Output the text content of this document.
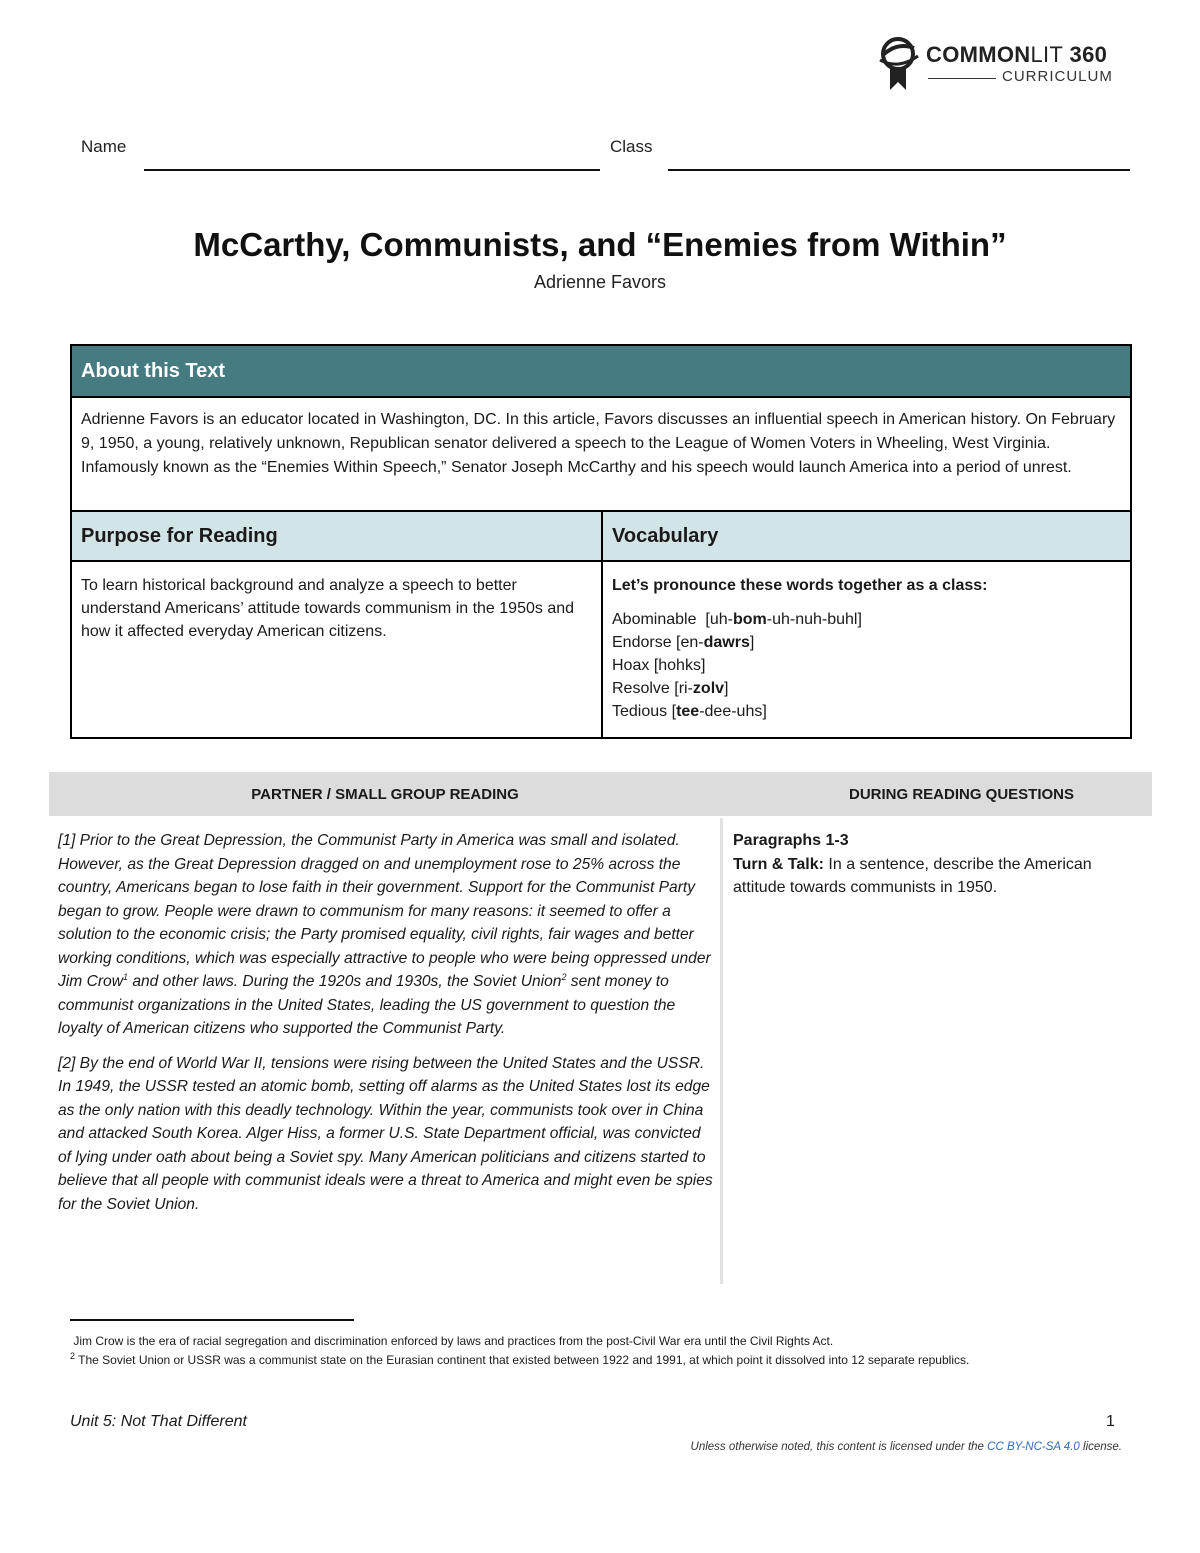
COMMONLIT 360
CURRICULUM
Name	Class
McCarthy, Communists, and “Enemies from Within”
Adrienne Favors
About this Text
Adrienne Favors is an educator located in Washington, DC. In this article, Favors discusses an influential speech in American history. On February 9, 1950, a young, relatively unknown, Republican senator delivered a speech to the League of Women Voters in Wheeling, West Virginia. Infamously known as the “Enemies Within Speech,” Senator Joseph McCarthy and his speech would launch America into a period of unrest.
Purpose for Reading	Vocabulary
To learn historical background and analyze a speech to better understand Americans’ attitude towards communism in the 1950s and how it affected everyday American citizens.
Let’s pronounce these words together as a class:
Abominable [uh-bom-uh-nuh-buhl]
Endorse [en-dawrs]
Hoax [hohks]
Resolve [ri-zolv]
Tedious [tee-dee-uhs]
PARTNER / SMALL GROUP READING	DURING READING QUESTIONS

[1] Prior to the Great Depression, the Communist Party in America was small and isolated. However, as the Great Depression dragged on and unemployment rose to 25% across the country, Americans began to lose faith in their government. Support for the Communist Party began to grow. People were drawn to communism for many reasons: it seemed to offer a solution to the economic crisis; the Party promised equality, civil rights, fair wages and better working conditions, which was especially attractive to people who were being oppressed under Jim Crow$^1$ and other laws. During the 1920s and 1930s, the Soviet Union$^2$ sent money to communist organizations in the United States, leading the US government to question the loyalty of American citizens who supported the Communist Party.

[2] By the end of World War II, tensions were rising between the United States and the USSR. In 1949, the USSR tested an atomic bomb, setting off alarms as the United States lost its edge as the only nation with this deadly technology. Within the year, communists took over in China and attacked South Korea. Alger Hiss, a former U.S. State Department official, was convicted of lying under oath about being a Soviet spy. Many American politicians and citizens started to believe that all people with communist ideals were a threat to America and might even be spies for the Soviet Union.

Paragraphs 1-3
Turn & Talk: In a sentence, describe the American attitude towards communists in 1950.
Jim Crow is the era of racial segregation and discrimination enforced by laws and practices from the post-Civil War era until the Civil Rights Act.
$^2$ The Soviet Union or USSR was a communist state on the Eurasian continent that existed between 1922 and 1991, at which point it dissolved into 12 separate republics.
Unit 5: Not That Different	1
Unless otherwise noted, this content is licensed under the CC BY-NC-SA 4.0 license.
